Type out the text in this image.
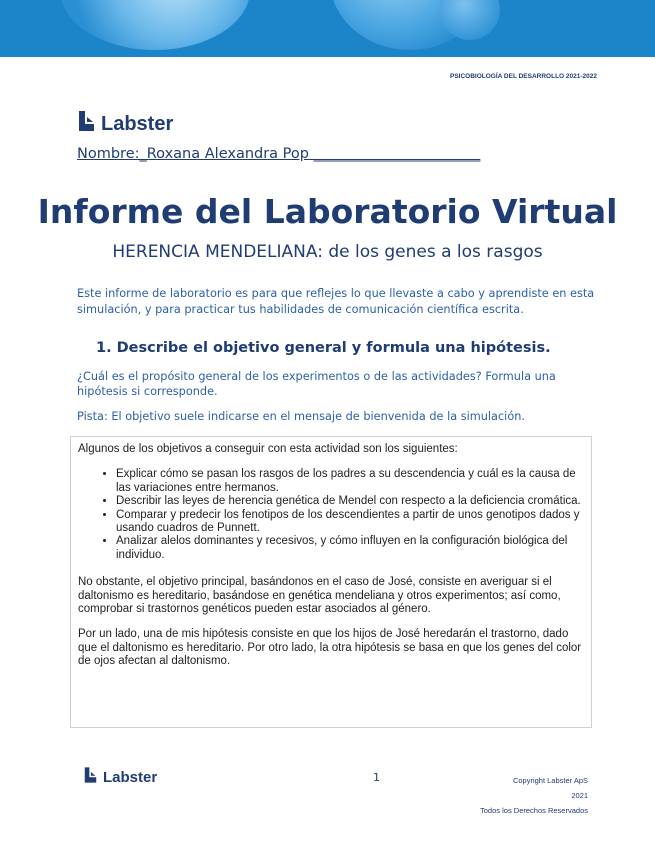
PSICOBIOLOGÍA DEL DESARROLLO 2021-2022
Labster
Nombre:_Roxana Alexandra Pop _______________________
Informe del Laboratorio Virtual
HERENCIA MENDELIANA: de los genes a los rasgos
Este informe de laboratorio es para que reflejes lo que llevaste a cabo y aprendiste en esta simulación, y para practicar tus habilidades de comunicación científica escrita.
1. Describe el objetivo general y formula una hipótesis.
¿Cuál es el propósito general de los experimentos o de las actividades? Formula una hipótesis si corresponde.
Pista: El objetivo suele indicarse en el mensaje de bienvenida de la simulación.

Algunos de los objetivos a conseguir con esta actividad son los siguientes:

• Explicar cómo se pasan los rasgos de los padres a su descendencia y cuál es la causa de las variaciones entre hermanos.
• Describir las leyes de herencia genética de Mendel con respecto a la deficiencia cromática.
• Comparar y predecir los fenotipos de los descendientes a partir de unos genotipos dados y usando cuadros de Punnett.
• Analizar alelos dominantes y recesivos, y cómo influyen en la configuración biológica del individuo.

No obstante, el objetivo principal, basándonos en el caso de José, consiste en averiguar si el daltonismo es hereditario, basándose en genética mendeliana y otros experimentos; así como, comprobar si trastornos genéticos pueden estar asociados al género.

Por un lado, una de mis hipótesis consiste en que los hijos de José heredarán el trastorno, dado que el daltonismo es hereditario. Por otro lado, la otra hipótesis se basa en que los genes del color de ojos afectan al daltonismo.

Labster	1	Copyright Labster ApS
2021
Todos los Derechos Reservados
